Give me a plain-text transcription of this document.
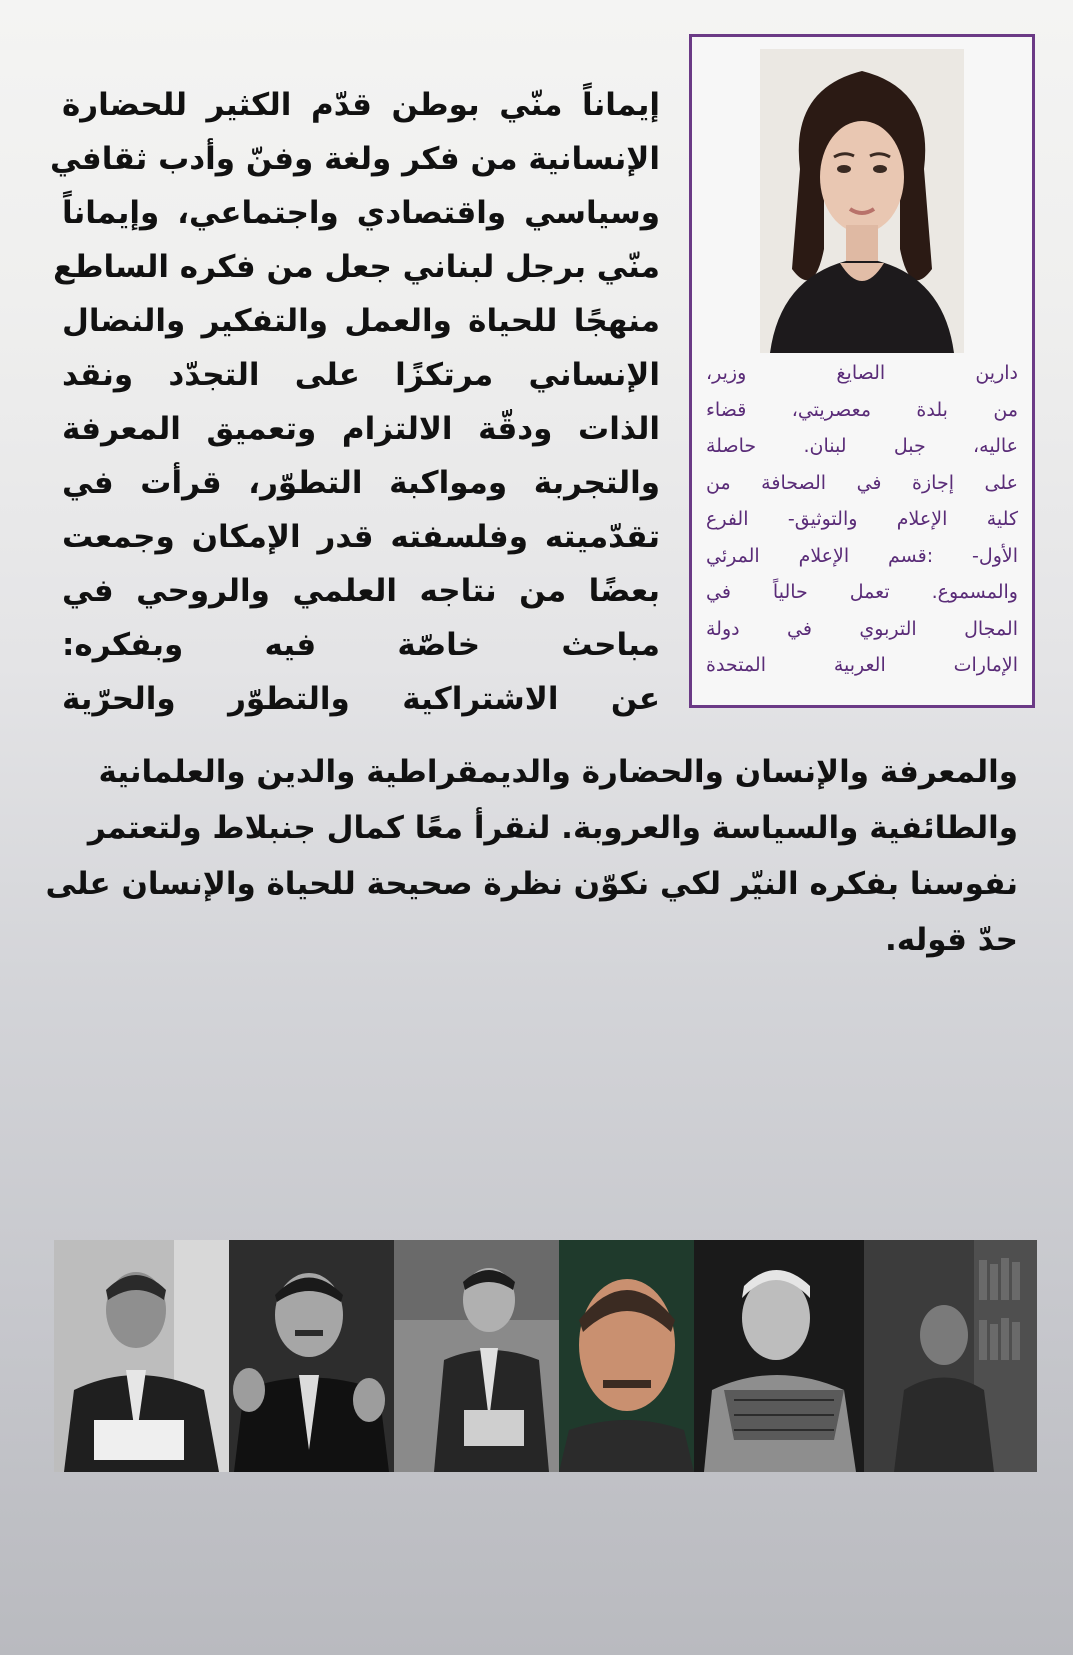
إيماناً منّي بوطن قدّم الكثير للحضارة
الإنسانية من فكر ولغة وفنّ وأدب ثقافي
وسياسي واقتصادي واجتماعي، وإيماناً
منّي برجل لبناني جعل من فكره الساطع
منهجًا للحياة والعمل والتفكير والنضال
الإنساني مرتكزًا على التجدّد ونقد
الذات ودقّة الالتزام وتعميق المعرفة
والتجربة ومواكبة التطوّر، قرأت في
تقدّميته وفلسفته قدر الإمكان وجمعت
بعضًا من نتاجه العلمي والروحي في
مباحث خاصّة فيه وبفكره:
عن الاشتراكية والتطوّر والحرّية
دارين الصايغ وزير،
من بلدة معصريتي، قضاء
عاليه، جبل لبنان. حاصلة
على إجازة في الصحافة من
كلية الإعلام والتوثيق- الفرع
الأول- :قسم الإعلام المرئي
والمسموع. تعمل حالياً في
المجال التربوي في دولة
الإمارات العربية المتحدة
والمعرفة والإنسان والحضارة والديمقراطية والدين والعلمانية
والطائفية والسياسة والعروبة. لنقرأ معًا كمال جنبلاط ولتعتمر
نفوسنا بفكره النيّر لكي نكوّن نظرة صحيحة للحياة والإنسان على
حدّ قوله.
